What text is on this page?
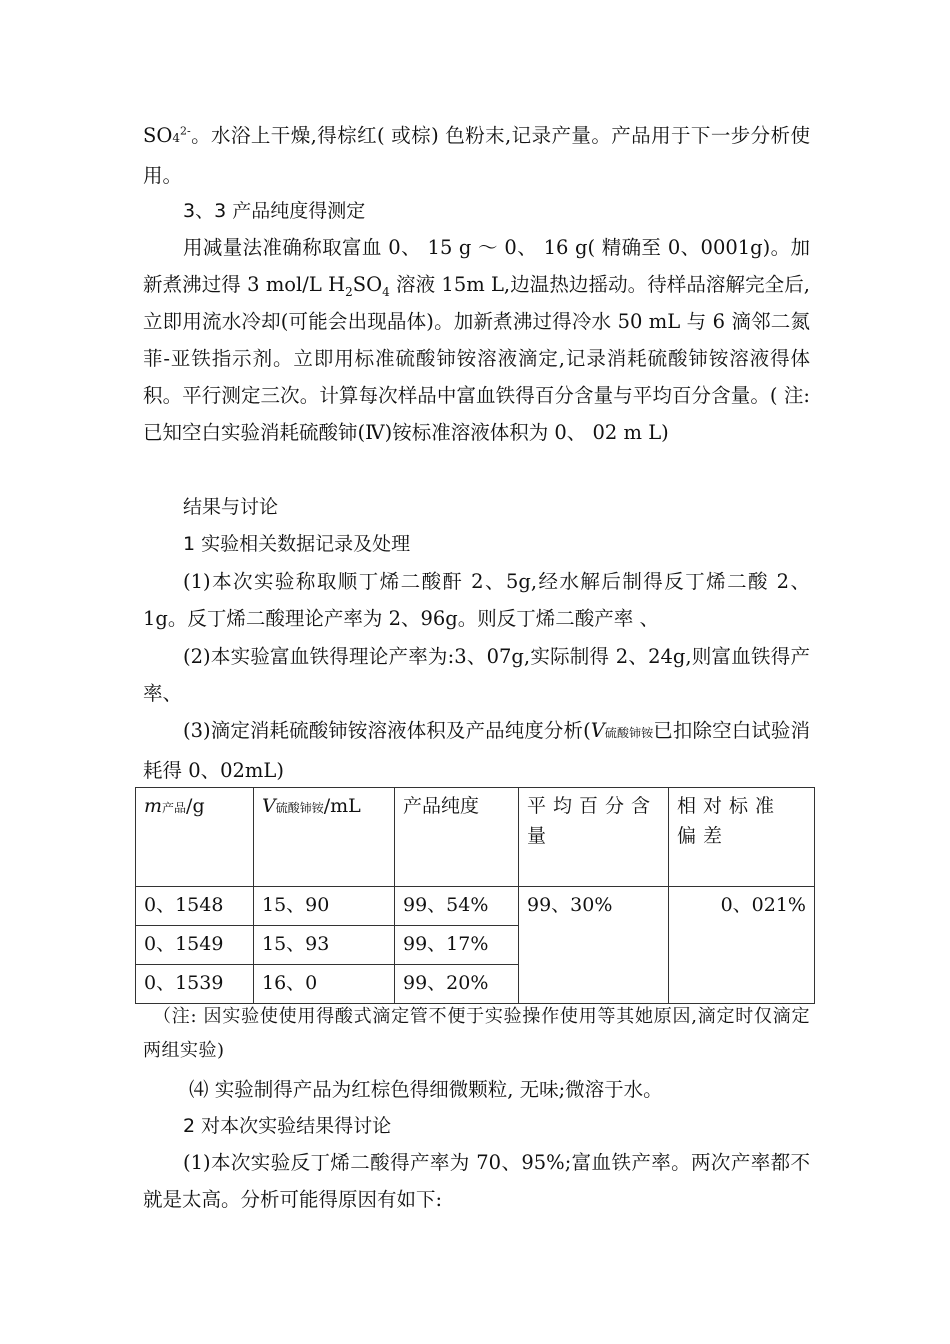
$SO4^{2-}$。水浴上干燥,得棕红( 或棕) 色粉末,记录产量。产品用于下一步分析使用。

3、3 产品纯度得测定

用减量法准确称取富血 0、 15 g ～ 0、 16 g( 精确至 0、0001g)。加新煮沸过得 3 mol/L $H_2SO_4$ 溶液 15m L,边温热边摇动。待样品溶解完全后,立即用流水冷却(可能会出现晶体)。加新煮沸过得冷水 50 mL 与 6 滴邻二氮菲-亚铁指示剂。立即用标准硫酸铈铵溶液滴定,记录消耗硫酸铈铵溶液得体积。平行测定三次。计算每次样品中富血铁得百分含量与平均百分含量。( 注:已知空白实验消耗硫酸铈(Ⅳ)铵标准溶液体积为 0、 02 m L)

结果与讨论

1 实验相关数据记录及处理

(1)本次实验称取顺丁烯二酸酐 2、5g,经水解后制得反丁烯二酸 2、1g。反丁烯二酸理论产率为 2、96g。则反丁烯二酸产率 、

(2)本实验富血铁得理论产率为:3、07g,实际制得 2、24g,则富血铁得产率、

(3)滴定消耗硫酸铈铵溶液体积及产品纯度分析(V硫酸铈铵已扣除空白试验消耗得 0、02mL)

m产品/g	V硫酸铈铵/mL	产品纯度	平均百分含量	相对标准偏差
0、1548	15、90	99、54%	99、30%	0、021%
0、1549	15、93	99、17%		
0、1539	16、0	99、20%		

（注: 因实验使使用得酸式滴定管不便于实验操作使用等其她原因,滴定时仅滴定两组实验)

⑷ 实验制得产品为红棕色得细微颗粒, 无味;微溶于水。

2 对本次实验结果得讨论

(1)本次实验反丁烯二酸得产率为 70、95%;富血铁产率。两次产率都不就是太高。分析可能得原因有如下:
